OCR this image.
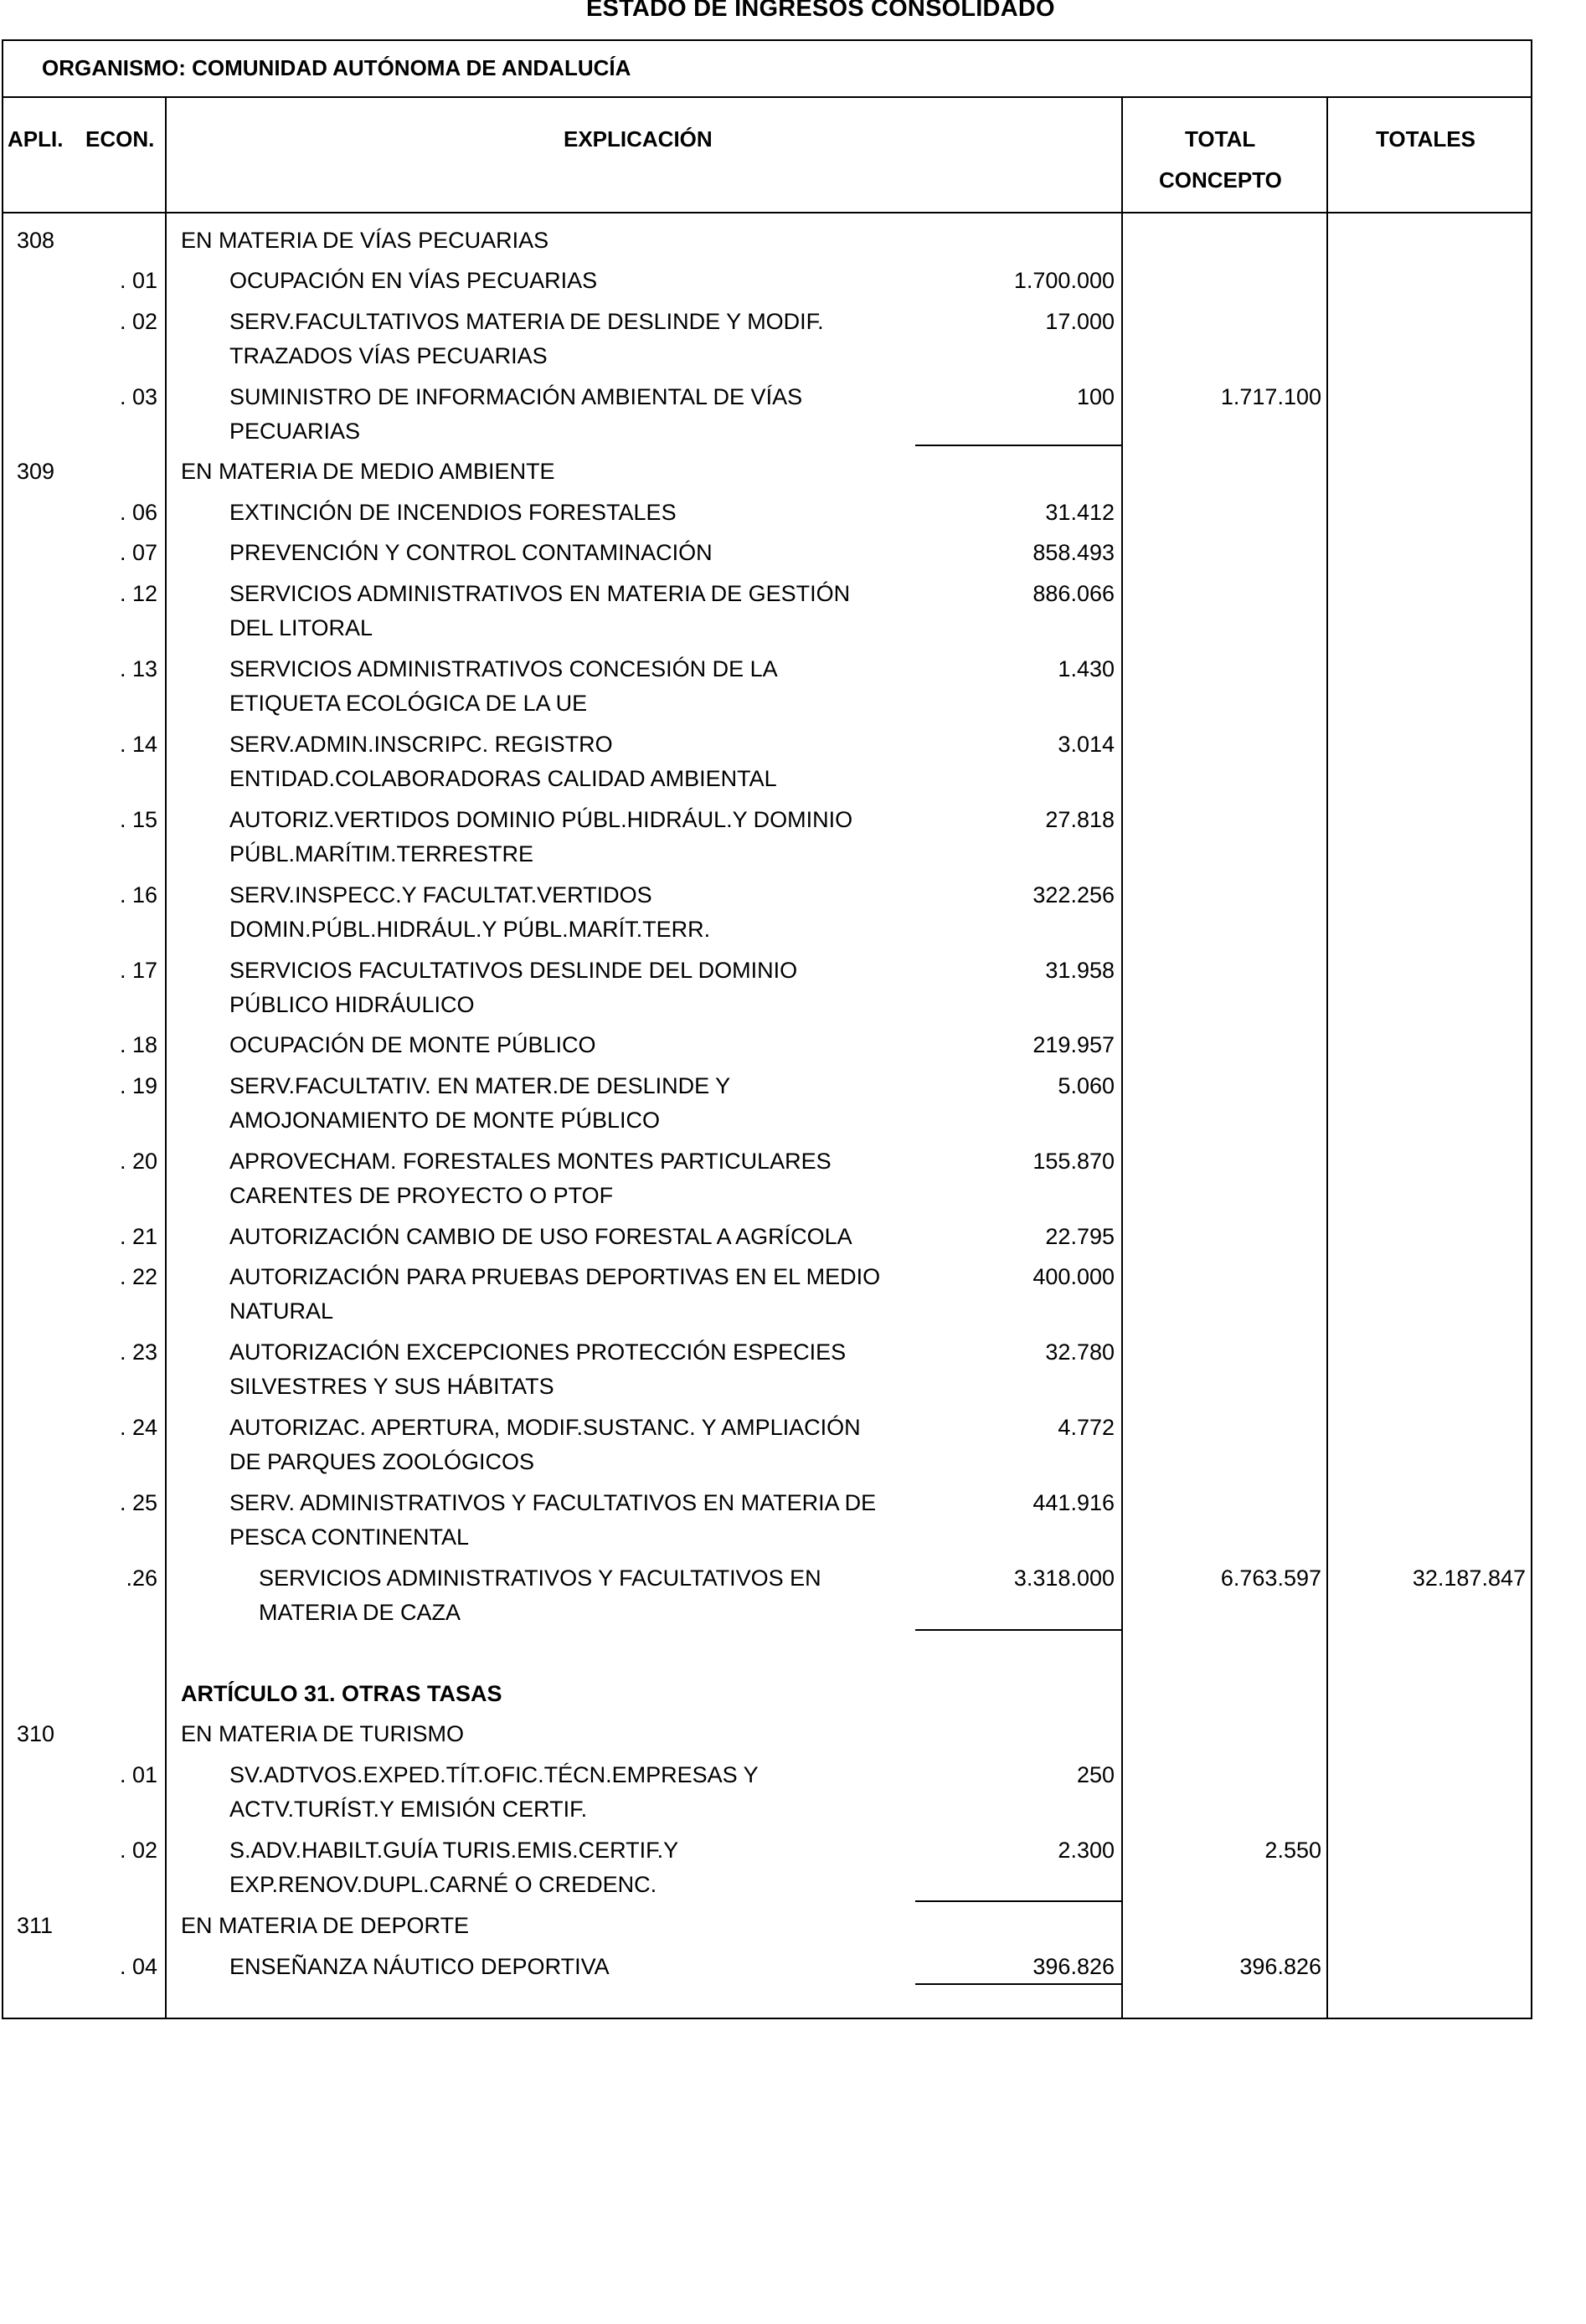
ESTADO DE INGRESOS CONSOLIDADO
ORGANISMO: COMUNIDAD AUTÓNOMA DE ANDALUCÍA
APLI. ECON.	EXPLICACIÓN	TOTAL
CONCEPTO
TOTALES
308	EN MATERIA DE VÍAS PECUARIAS
. 01	OCUPACIÓN EN VÍAS PECUARIAS	1.700.000
. 02	SERV.FACULTATIVOS MATERIA DE DESLINDE Y MODIF.	17.000
TRAZADOS VÍAS PECUARIAS
. 03	SUMINISTRO DE INFORMACIÓN AMBIENTAL DE VÍAS	100	1.717.100
PECUARIAS
309	EN MATERIA DE MEDIO AMBIENTE
. 06	EXTINCIÓN DE INCENDIOS FORESTALES	31.412
. 07	PREVENCIÓN Y CONTROL CONTAMINACIÓN	858.493
. 12	SERVICIOS ADMINISTRATIVOS EN MATERIA DE GESTIÓN	886.066
DEL LITORAL
. 13	SERVICIOS ADMINISTRATIVOS CONCESIÓN DE LA	1.430
ETIQUETA ECOLÓGICA DE LA UE
. 14	SERV.ADMIN.INSCRIPC. REGISTRO	3.014
ENTIDAD.COLABORADORAS CALIDAD AMBIENTAL
. 15	AUTORIZ.VERTIDOS DOMINIO PÚBL.HIDRÁUL.Y DOMINIO	27.818
PÚBL.MARÍTIM.TERRESTRE
. 16	SERV.INSPECC.Y FACULTAT.VERTIDOS	322.256
DOMIN.PÚBL.HIDRÁUL.Y PÚBL.MARÍT.TERR.
. 17	SERVICIOS FACULTATIVOS DESLINDE DEL DOMINIO	31.958
PÚBLICO HIDRÁULICO
. 18	OCUPACIÓN DE MONTE PÚBLICO	219.957
. 19	SERV.FACULTATIV. EN MATER.DE DESLINDE Y	5.060
AMOJONAMIENTO DE MONTE PÚBLICO
. 20	APROVECHAM. FORESTALES MONTES PARTICULARES	155.870
CARENTES DE PROYECTO O PTOF
. 21	AUTORIZACIÓN CAMBIO DE USO FORESTAL A AGRÍCOLA	22.795
. 22	AUTORIZACIÓN PARA PRUEBAS DEPORTIVAS EN EL MEDIO	400.000
NATURAL
. 23	AUTORIZACIÓN EXCEPCIONES PROTECCIÓN ESPECIES	32.780
SILVESTRES Y SUS HÁBITATS
. 24	AUTORIZAC. APERTURA, MODIF.SUSTANC. Y AMPLIACIÓN	4.772
DE PARQUES ZOOLÓGICOS
. 25	SERV. ADMINISTRATIVOS Y FACULTATIVOS EN MATERIA DE	441.916
PESCA CONTINENTAL
.26	SERVICIOS ADMINISTRATIVOS Y FACULTATIVOS EN	3.318.000	6.763.597	32.187.847
MATERIA DE CAZA
ARTÍCULO 31. OTRAS TASAS
310	EN MATERIA DE TURISMO
. 01	SV.ADTVOS.EXPED.TÍT.OFIC.TÉCN.EMPRESAS Y	250
ACTV.TURÍST.Y EMISIÓN CERTIF.
. 02	S.ADV.HABILT.GUÍA TURIS.EMIS.CERTIF.Y	2.300	2.550
EXP.RENOV.DUPL.CARNÉ O CREDENC.
311	EN MATERIA DE DEPORTE
. 04	ENSEÑANZA NÁUTICO DEPORTIVA	396.826	396.826
